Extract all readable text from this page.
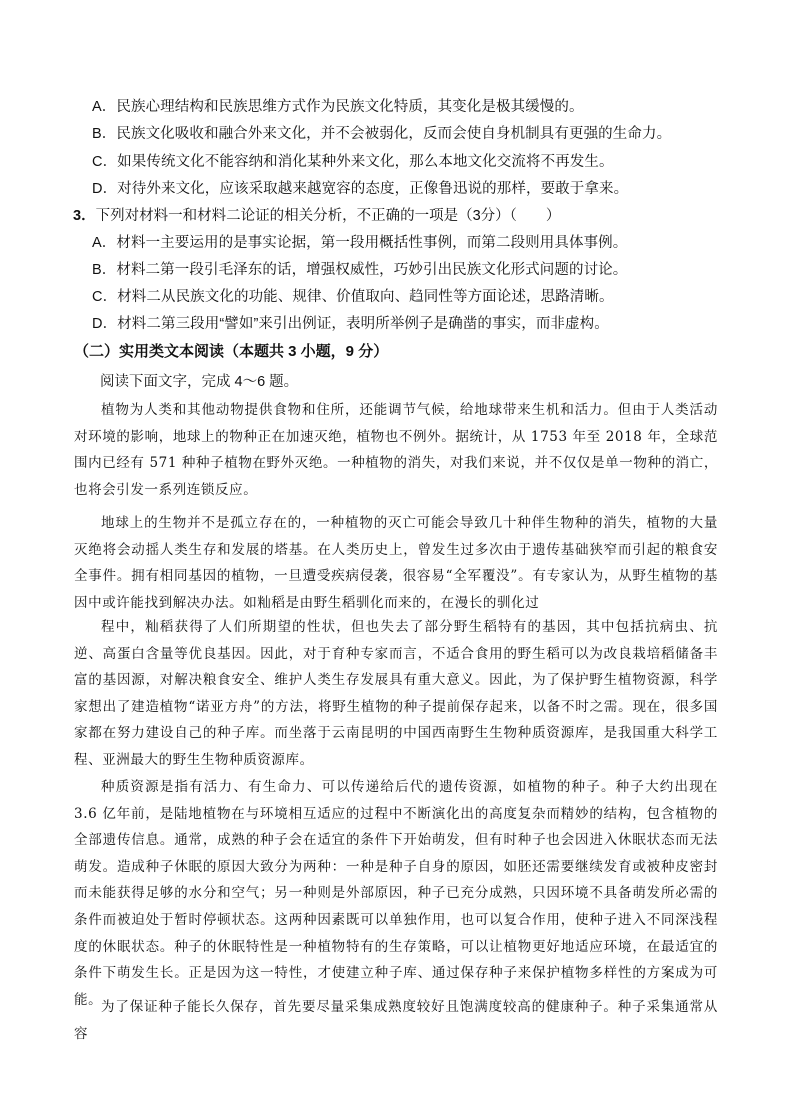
A．民族心理结构和民族思维方式作为民族文化特质，其变化是极其缓慢的。
B．民族文化吸收和融合外来文化，并不会被弱化，反而会使自身机制具有更强的生命力。
C．如果传统文化不能容纳和消化某种外来文化，那么本地文化交流将不再发生。
D．对待外来文化，应该采取越来越宽容的态度，正像鲁迅说的那样，要敢于拿来。
3．下列对材料一和材料二论证的相关分析，不正确的一项是（3分）（　　）
A．材料一主要运用的是事实论据，第一段用概括性事例，而第二段则用具体事例。
B．材料二第一段引毛泽东的话，增强权威性，巧妙引出民族文化形式问题的讨论。
C．材料二从民族文化的功能、规律、价值取向、趋同性等方面论述，思路清晰。
D．材料二第三段用“譬如”来引出例证，表明所举例子是确凿的事实，而非虚构。
（二）实用类文本阅读（本题共 3 小题，9 分）
阅读下面文字，完成 4～6 题。

植物为人类和其他动物提供食物和住所，还能调节气候，给地球带来生机和活力。但由于人类活动对环境的影响，地球上的物种正在加速灭绝，植物也不例外。据统计，从 1753 年至 2018 年，全球范围内已经有 571 种种子植物在野外灭绝。一种植物的消失，对我们来说，并不仅仅是单一物种的消亡，也将会引发一系列连锁反应。

地球上的生物并不是孤立存在的，一种植物的灭亡可能会导致几十种伴生物种的消失，植物的大量灭绝将会动摇人类生存和发展的塔基。在人类历史上，曾发生过多次由于遗传基础狭窄而引起的粮食安全事件。拥有相同基因的植物，一旦遭受疾病侵袭，很容易“全军覆没”。有专家认为，从野生植物的基因中或许能找到解决办法。如籼稻是由野生稻驯化而来的，在漫长的驯化过

程中，籼稻获得了人们所期望的性状，但也失去了部分野生稻特有的基因，其中包括抗病虫、抗逆、高蛋白含量等优良基因。因此，对于育种专家而言，不适合食用的野生稻可以为改良栽培稻储备丰富的基因源，对解决粮食安全、维护人类生存发展具有重大意义。因此，为了保护野生植物资源，科学家想出了建造植物“诺亚方舟”的方法，将野生植物的种子提前保存起来，以备不时之需。现在，很多国家都在努力建设自己的种子库。而坐落于云南昆明的中国西南野生生物种质资源库，是我国重大科学工程、亚洲最大的野生生物种质资源库。

种质资源是指有活力、有生命力、可以传递给后代的遗传资源，如植物的种子。种子大约出现在 3.6 亿年前，是陆地植物在与环境相互适应的过程中不断演化出的高度复杂而精妙的结构，包含植物的全部遗传信息。通常，成熟的种子会在适宜的条件下开始萌发，但有时种子也会因进入休眠状态而无法萌发。造成种子休眠的原因大致分为两种：一种是种子自身的原因，如胚还需要继续发育或被种皮密封而未能获得足够的水分和空气；另一种则是外部原因，种子已充分成熟，只因环境不具备萌发所必需的条件而被迫处于暂时停顿状态。这两种因素既可以单独作用，也可以复合作用，使种子进入不同深浅程度的休眠状态。种子的休眠特性是一种植物特有的生存策略，可以让植物更好地适应环境，在最适宜的条件下萌发生长。正是因为这一特性，才使建立种子库、通过保存种子来保护植物多样性的方案成为可能。

为了保证种子能长久保存，首先要尽量采集成熟度较好且饱满度较高的健康种子。种子采集通常从容
